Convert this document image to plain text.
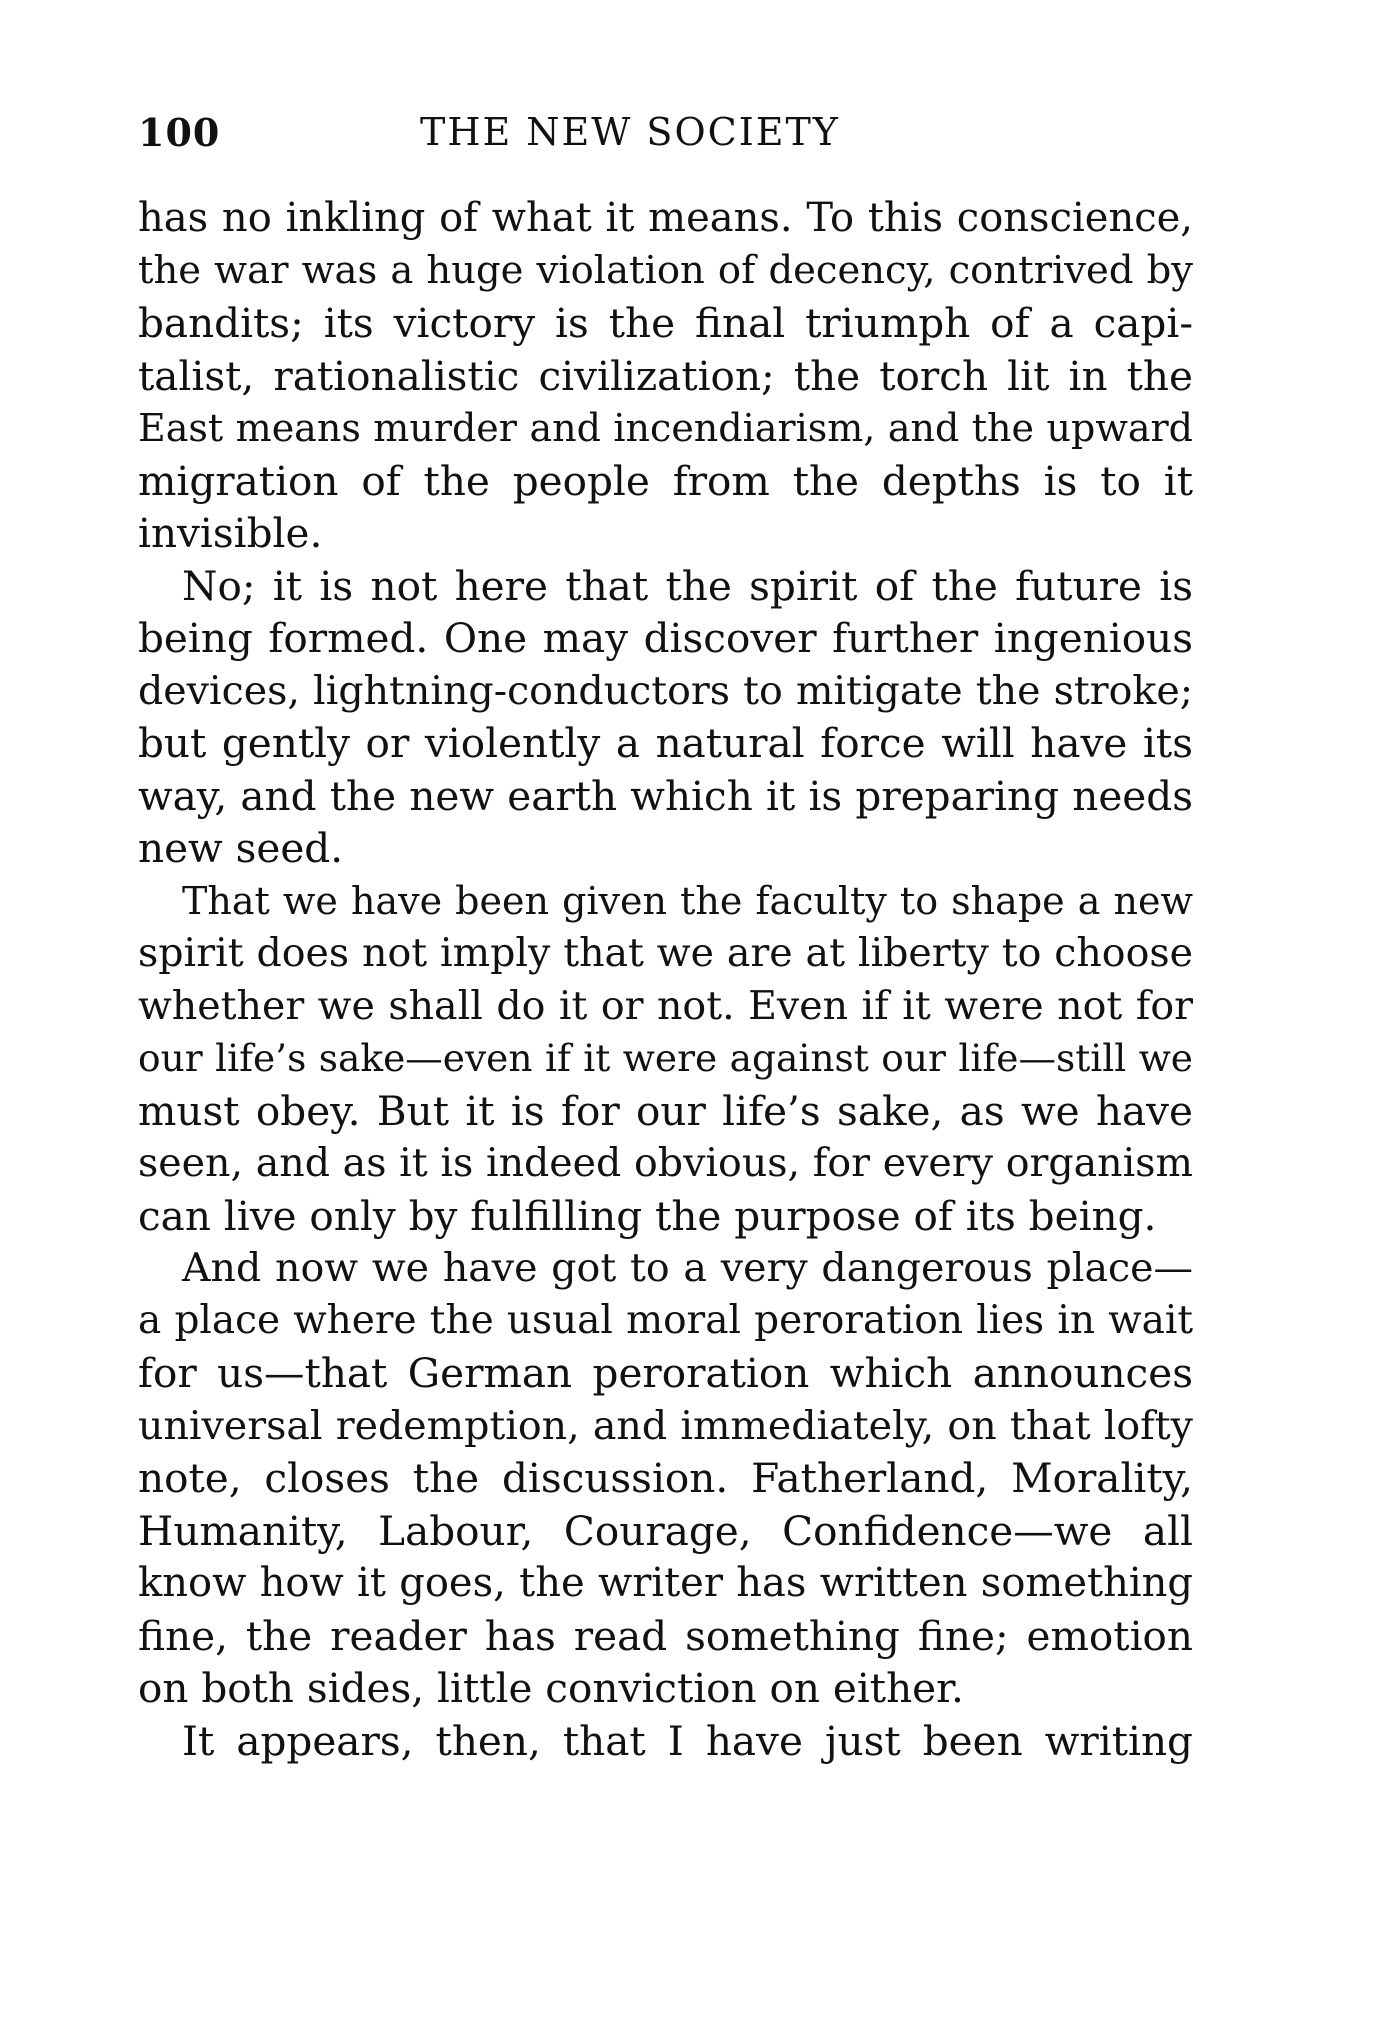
100	THE NEW SOCIETY
has no inkling of what it means. To this conscience,
the war was a huge violation of decency, contrived by
bandits; its victory is the final triumph of a capi-
talist, rationalistic civilization; the torch lit in the
East means murder and incendiarism, and the upward
migration of the people from the depths is to it
invisible.
No; it is not here that the spirit of the future is
being formed. One may discover further ingenious
devices, lightning-conductors to mitigate the stroke;
but gently or violently a natural force will have its
way, and the new earth which it is preparing needs
new seed.
That we have been given the faculty to shape a new
spirit does not imply that we are at liberty to choose
whether we shall do it or not. Even if it were not for
our life’s sake—even if it were against our life—still we
must obey. But it is for our life’s sake, as we have
seen, and as it is indeed obvious, for every organism
can live only by fulfilling the purpose of its being.
And now we have got to a very dangerous place—
a place where the usual moral peroration lies in wait
for us—that German peroration which announces
universal redemption, and immediately, on that lofty
note, closes the discussion. Fatherland, Morality,
Humanity, Labour, Courage, Confidence—we all
know how it goes, the writer has written something
fine, the reader has read something fine; emotion
on both sides, little conviction on either.
It appears, then, that I have just been writing
